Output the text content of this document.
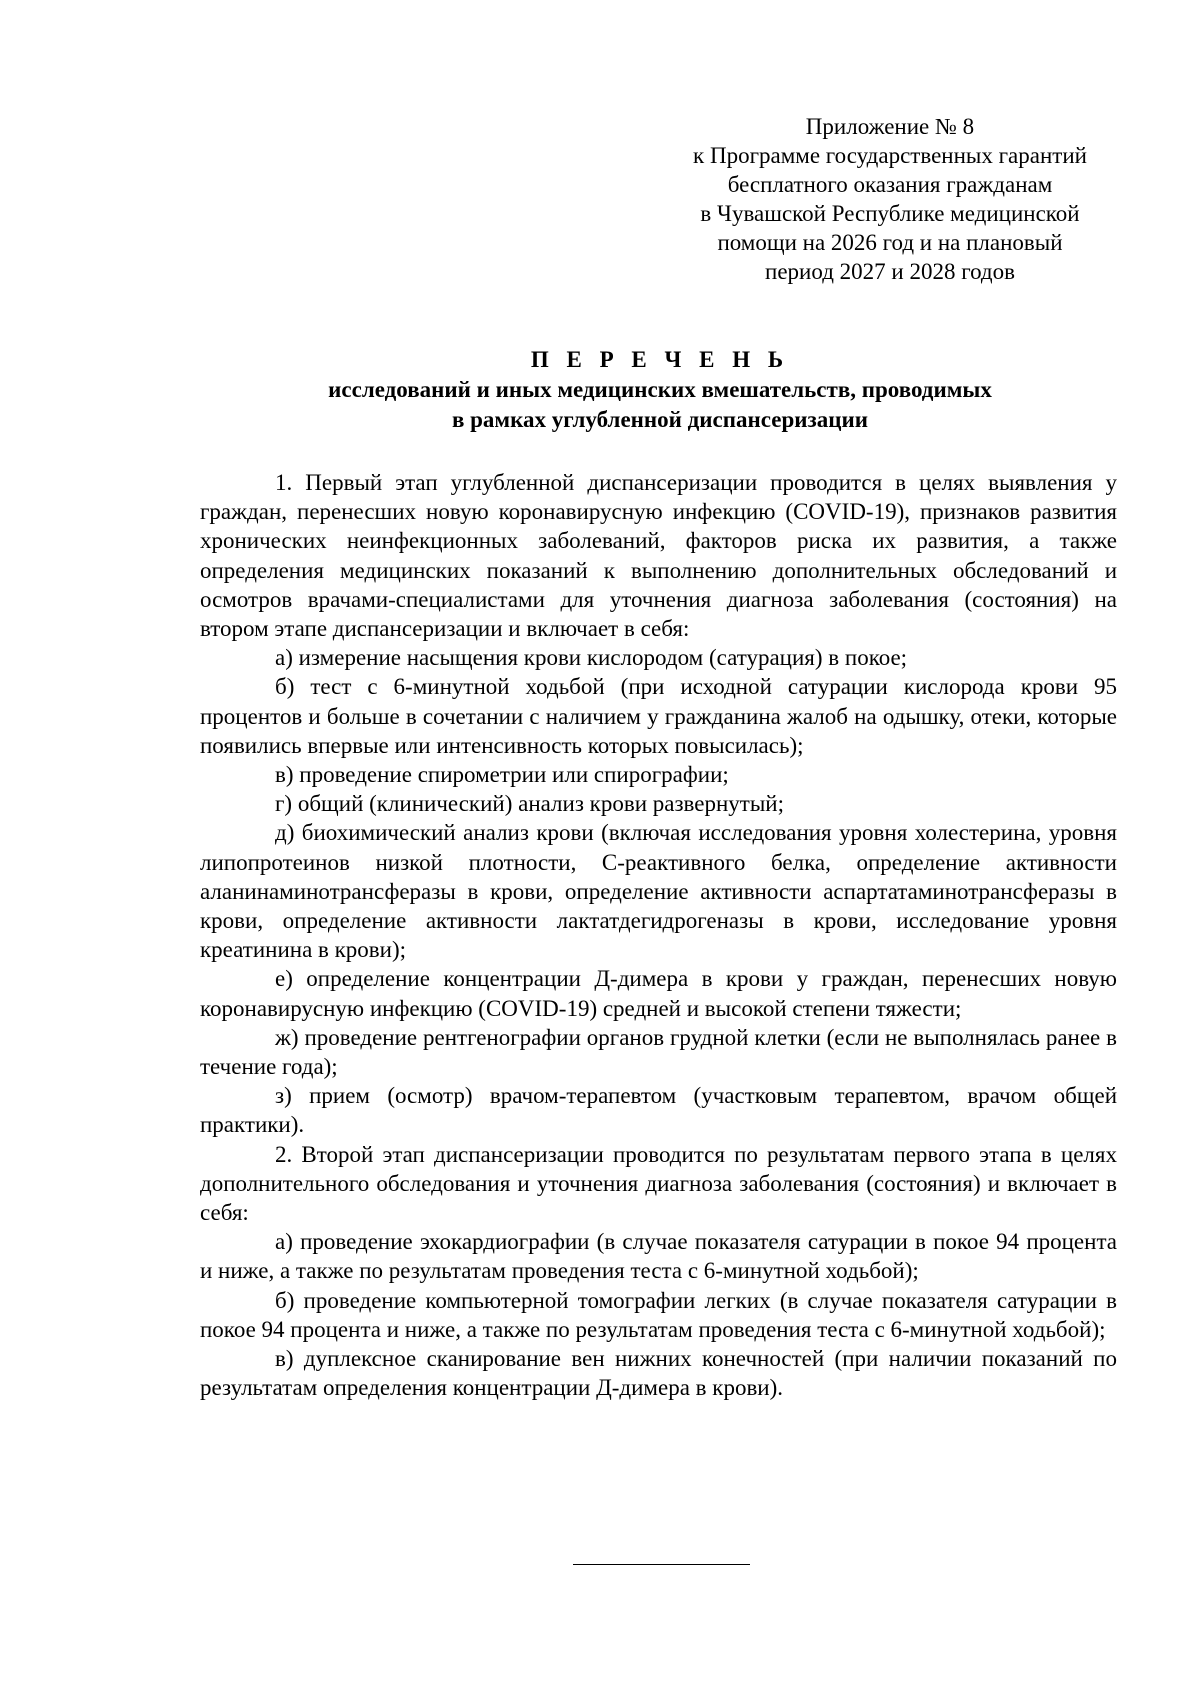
Приложение № 8
к Программе государственных гарантий
бесплатного оказания гражданам
в Чувашской Республике медицинской
помощи на 2026 год и на плановый
период 2027 и 2028 годов
П Е Р Е Ч Е Н Ь
исследований и иных медицинских вмешательств, проводимых
в рамках углубленной диспансеризации

1. Первый этап углубленной диспансеризации проводится в целях выявления у граждан, перенесших новую коронавирусную инфекцию (COVID-19), признаков развития хронических неинфекционных заболеваний, факторов риска их развития, а также определения медицинских показаний к выполнению дополнительных обследований и осмотров врачами-специалистами для уточнения диагноза заболевания (состояния) на втором этапе диспансеризации и включает в себя:

а) измерение насыщения крови кислородом (сатурация) в покое;

б) тест с 6-минутной ходьбой (при исходной сатурации кислорода крови 95 процентов и больше в сочетании с наличием у гражданина жалоб на одышку, отеки, которые появились впервые или интенсивность которых повысилась);

в) проведение спирометрии или спирографии;

г) общий (клинический) анализ крови развернутый;

д) биохимический анализ крови (включая исследования уровня холестерина, уровня липопротеинов низкой плотности, С-реактивного белка, определение активности аланинаминотрансферазы в крови, определение активности аспартатаминотрансферазы в крови, определение активности лактатдегидрогеназы в крови, исследование уровня креатинина в крови);

е) определение концентрации Д-димера в крови у граждан, перенесших новую коронавирусную инфекцию (COVID-19) средней и высокой степени тяжести;

ж) проведение рентгенографии органов грудной клетки (если не выполнялась ранее в течение года);

з) прием (осмотр) врачом-терапевтом (участковым терапевтом, врачом общей практики).

2. Второй этап диспансеризации проводится по результатам первого этапа в целях дополнительного обследования и уточнения диагноза заболевания (состояния) и включает в себя:

а) проведение эхокардиографии (в случае показателя сатурации в покое 94 процента и ниже, а также по результатам проведения теста с 6-минутной ходьбой);

б) проведение компьютерной томографии легких (в случае показателя сатурации в покое 94 процента и ниже, а также по результатам проведения теста с 6-минутной ходьбой);

в) дуплексное сканирование вен нижних конечностей (при наличии показаний по результатам определения концентрации Д-димера в крови).
